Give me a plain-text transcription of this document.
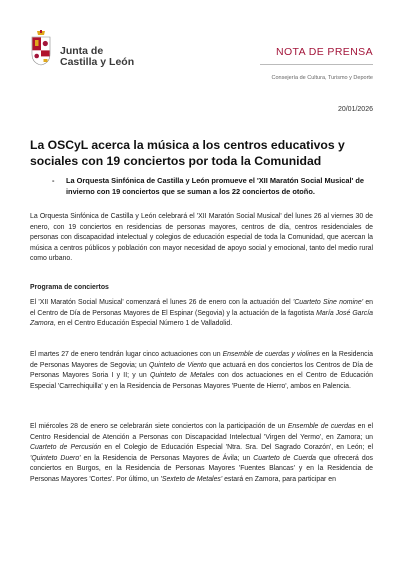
Junta de
Castilla y León
NOTA DE PRENSA
Consejería de Cultura, Turismo y Deporte
20/01/2026
La OSCyL acerca la música a los centros educativos y sociales con 19 conciertos por toda la Comunidad
- La Orquesta Sinfónica de Castilla y León promueve el 'XII Maratón Social Musical' de invierno con 19 conciertos que se suman a los 22 conciertos de otoño.

La Orquesta Sinfónica de Castilla y León celebrará el 'XII Maratón Social Musical' del lunes 26 al viernes 30 de enero, con 19 conciertos en residencias de personas mayores, centros de día, centros residenciales de personas con discapacidad intelectual y colegios de educación especial de toda la Comunidad, que acercan la música a centros públicos y población con mayor necesidad de apoyo social y emocional, tanto del medio rural como urbano.

Programa de conciertos

El 'XII Maratón Social Musical' comenzará el lunes 26 de enero con la actuación del 'Cuarteto Sine nomine' en el Centro de Día de Personas Mayores de El Espinar (Segovia) y la actuación de la fagotista María José García Zamora, en el Centro Educación Especial Número 1 de Valladolid.

El martes 27 de enero tendrán lugar cinco actuaciones con un Ensemble de cuerdas y violines en la Residencia de Personas Mayores de Segovia; un Quinteto de Viento que actuará en dos conciertos los Centros de Día de Personas Mayores Soria I y II; y un Quinteto de Metales con dos actuaciones en el Centro de Educación Especial 'Carrechiquilla' y en la Residencia de Personas Mayores 'Puente de Hierro', ambos en Palencia.

El miércoles 28 de enero se celebrarán siete conciertos con la participación de un Ensemble de cuerdas en el Centro Residencial de Atención a Personas con Discapacidad Intelectual 'Virgen del Yermo', en Zamora; un Cuarteto de Percusión en el Colegio de Educación Especial 'Ntra. Sra. Del Sagrado Corazón', en León; el 'Quinteto Duero' en la Residencia de Personas Mayores de Ávila; un Cuarteto de Cuerda que ofrecerá dos conciertos en Burgos, en la Residencia de Personas Mayores 'Fuentes Blancas' y en la Residencia de Personas Mayores 'Cortes'. Por último, un 'Sexteto de Metales' estará en Zamora, para participar en
